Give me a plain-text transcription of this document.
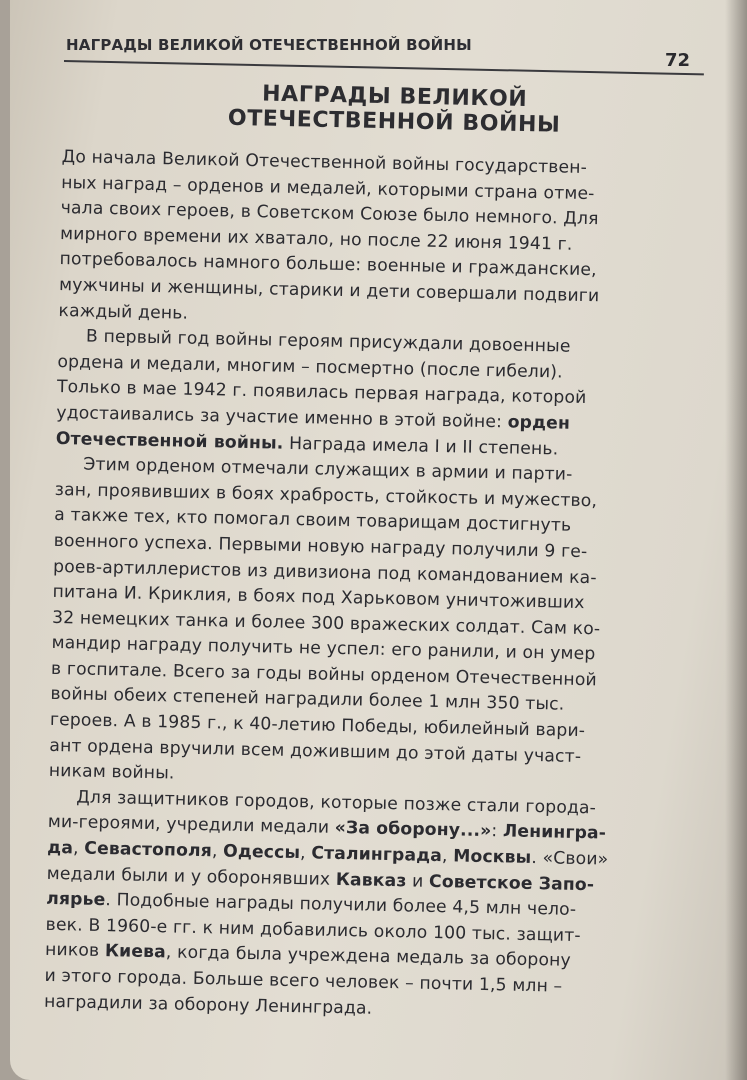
НАГРАДЫ ВЕЛИКОЙ ОТЕЧЕСТВЕННОЙ ВОЙНЫ
72
НАГРАДЫ ВЕЛИКОЙ
ОТЕЧЕСТВЕННОЙ ВОЙНЫ
До начала Великой Отечественной войны государствен-
ных наград – орденов и медалей, которыми страна отме-
чала своих героев, в Советском Союзе было немного. Для
мирного времени их хватало, но после 22 июня 1941 г.
потребовалось намного больше: военные и гражданские,
мужчины и женщины, старики и дети совершали подвиги
каждый день.
В первый год войны героям присуждали довоенные
ордена и медали, многим – посмертно (после гибели).
Только в мае 1942 г. появилась первая награда, которой
удостаивались за участие именно в этой войне: орден
Отечественной войны. Награда имела I и II степень.
Этим орденом отмечали служащих в армии и парти-
зан, проявивших в боях храбрость, стойкость и мужество,
а также тех, кто помогал своим товарищам достигнуть
военного успеха. Первыми новую награду получили 9 ге-
роев-артиллеристов из дивизиона под командованием ка-
питана И. Криклия, в боях под Харьковом уничтоживших
32 немецких танка и более 300 вражеских солдат. Сам ко-
мандир награду получить не успел: его ранили, и он умер
в госпитале. Всего за годы войны орденом Отечественной
войны обеих степеней наградили более 1 млн 350 тыс.
героев. А в 1985 г., к 40-летию Победы, юбилейный вари-
ант ордена вручили всем дожившим до этой даты участ-
никам войны.
Для защитников городов, которые позже стали города-
ми-героями, учредили медали «За оборону...»: Ленингра-
да, Севастополя, Одессы, Сталинграда, Москвы. «Свои»
медали были и у оборонявших Кавказ и Советское Запо-
лярье. Подобные награды получили более 4,5 млн чело-
век. В 1960-е гг. к ним добавились около 100 тыс. защит-
ников Киева, когда была учреждена медаль за оборону
и этого города. Больше всего человек – почти 1,5 млн –
наградили за оборону Ленинграда.
